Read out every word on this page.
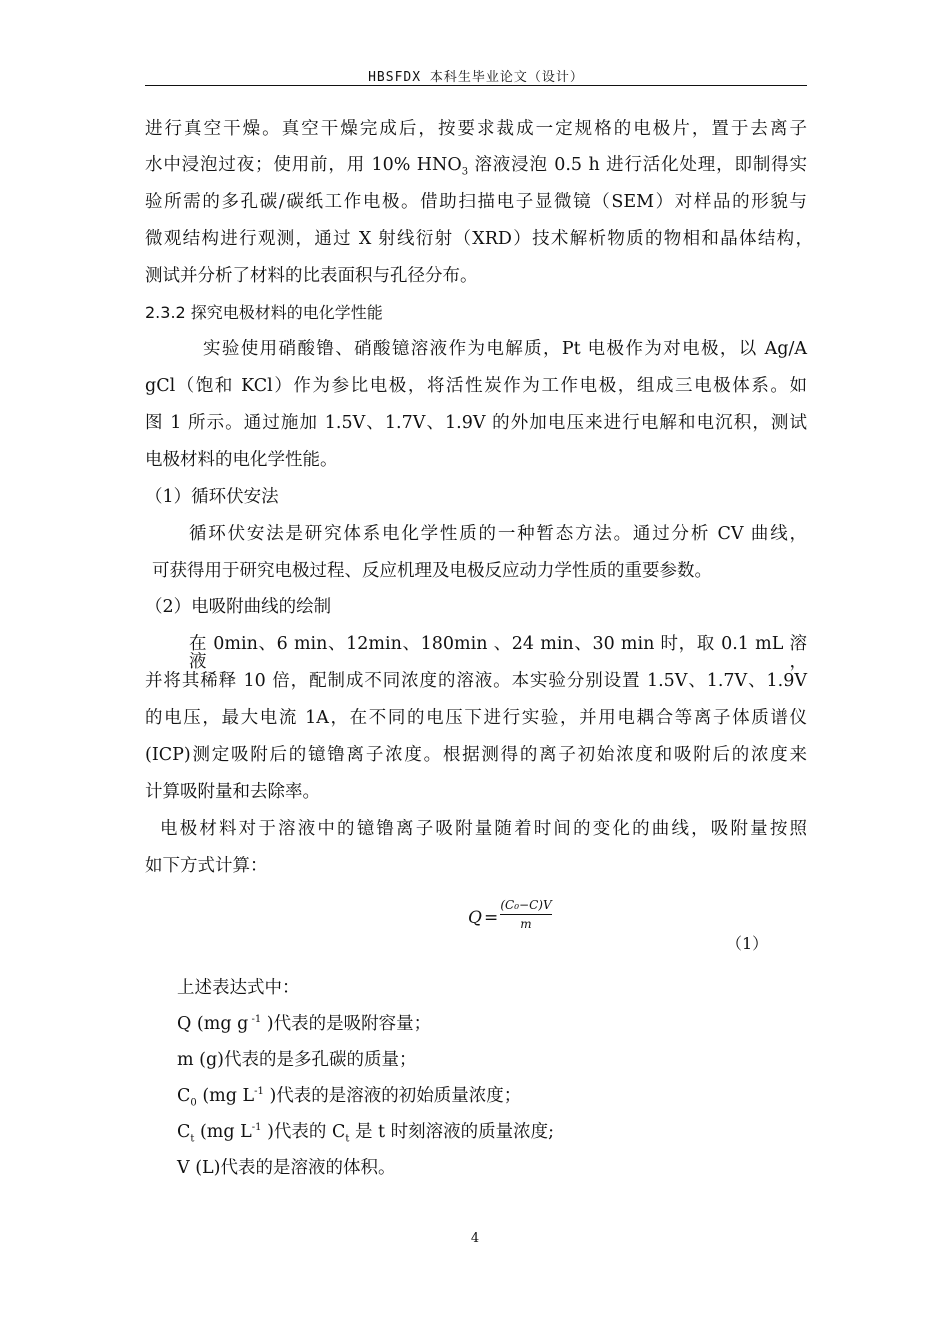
HBSFDX 本科生毕业论文（设计）
进行真空干燥。真空干燥完成后，按要求裁成一定规格的电极片，置于去离子
水中浸泡过夜；使用前，用 10% $HNO_3$ 溶液浸泡 0.5 h 进行活化处理，即制得实
验所需的多孔碳/碳纸工作电极。借助扫描电子显微镜（SEM）对样品的形貌与
微观结构进行观测，通过 X 射线衍射（XRD）技术解析物质的物相和晶体结构，
测试并分析了材料的比表面积与孔径分布。
2.3.2 探究电极材料的电化学性能
实验使用硝酸镥、硝酸镱溶液作为电解质，Pt 电极作为对电极，以 Ag/A
gCl（饱和 KCl）作为参比电极，将活性炭作为工作电极，组成三电极体系。如
图 1 所示。通过施加 1.5V、1.7V、1.9V 的外加电压来进行电解和电沉积，测试
电极材料的电化学性能。
（1）循环伏安法
循环伏安法是研究体系电化学性质的一种暂态方法。通过分析 CV 曲线，
可获得用于研究电极过程、反应机理及电极反应动力学性质的重要参数。
（2）电吸附曲线的绘制
在 0min、6 min、12min、180min 、24 min、30 min 时，取 0.1 mL 溶液，
并将其稀释 10 倍，配制成不同浓度的溶液。本实验分别设置 1.5V、1.7V、1.9V
的电压，最大电流 1A，在不同的电压下进行实验，并用电耦合等离子体质谱仪
(ICP)测定吸附后的镱镥离子浓度。根据测得的离子初始浓度和吸附后的浓度来
计算吸附量和去除率。
电极材料对于溶液中的镱镥离子吸附量随着时间的变化的曲线，吸附量按照
如下方式计算：
Q =
(C₀−C)V
m
（1）
上述表达式中：
Q (mg g $^{-1}$ )代表的是吸附容量；
m (g)代表的是多孔碳的质量；
$C_0$ (mg $L^{-1}$ )代表的是溶液的初始质量浓度；
$C_t$ (mg $L^{-1}$ )代表的 $C_t$ 是 t 时刻溶液的质量浓度;
V (L)代表的是溶液的体积。
4
